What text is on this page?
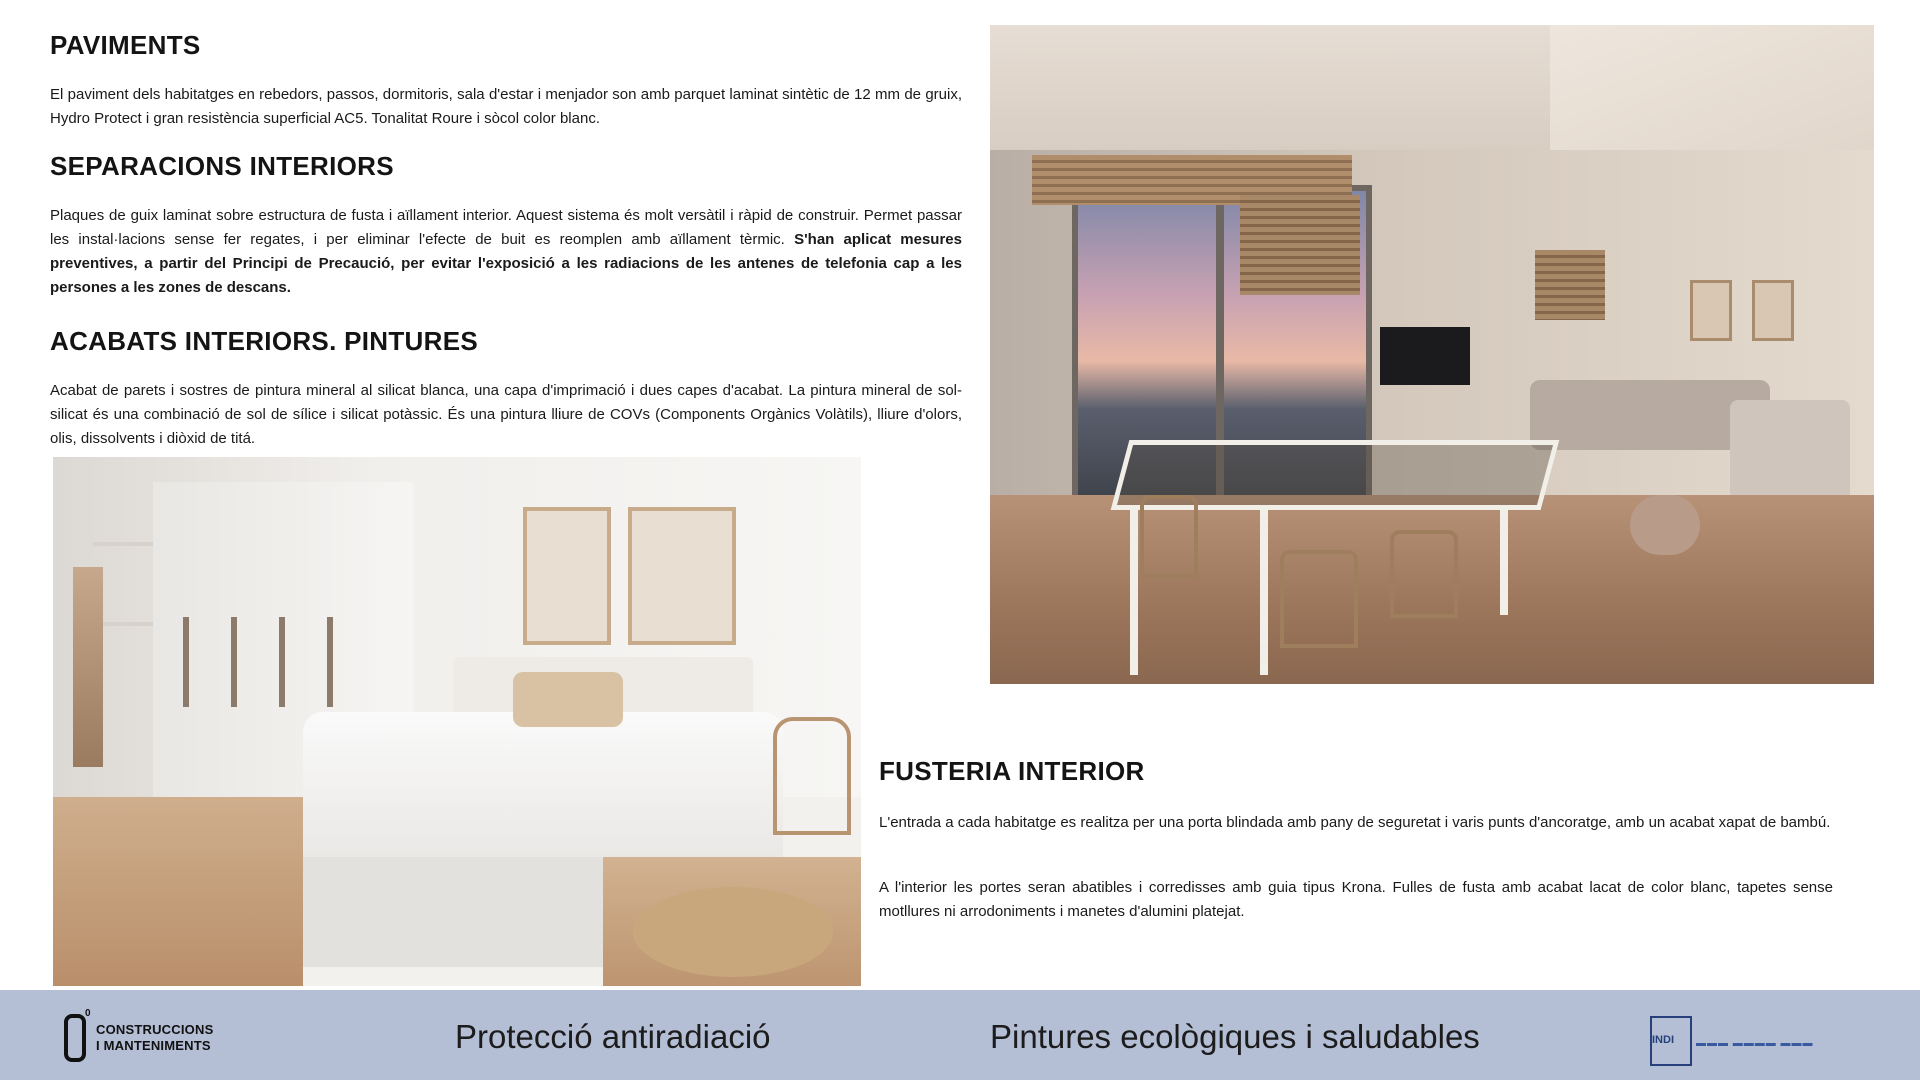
PAVIMENTS

El paviment dels habitatges en rebedors, passos, dormitoris, sala d'estar i menjador son amb parquet laminat sintètic de 12 mm de gruix, Hydro Protect i gran resistència superficial AC5. Tonalitat Roure i sòcol color blanc.

SEPARACIONS INTERIORS

Plaques de guix laminat sobre estructura de fusta i aïllament interior. Aquest sistema és molt versàtil i ràpid de construir. Permet passar les instal·lacions sense fer regates, i per eliminar l'efecte de buit es reomplen amb aïllament tèrmic. S'han aplicat mesures preventives, a partir del Principi de Precaució, per evitar l'exposició a les radiacions de les antenes de telefonia cap a les persones a les zones de descans.

ACABATS INTERIORS. PINTURES

Acabat de parets i sostres de pintura mineral al silicat blanca, una capa d'imprimació i dues capes d'acabat. La pintura mineral de sol-silicat és una combinació de sol de sílice i silicat potàssic. És una pintura lliure de COVs (Components Orgànics Volàtils), lliure d'olors, olis, dissolvents i diòxid de titá.

FUSTERIA INTERIOR

L'entrada a cada habitatge es realitza per una porta blindada amb pany de seguretat i varis punts d'ancoratge, amb un acabat xapat de bambú.

A l'interior les portes seran abatibles i corredisses amb guia tipus Krona. Fulles de fusta amb acabat lacat de color blanc, tapetes sense motllures ni arrodoniments i manetes d'alumini platejat.

0
CONSTRUCCIONS
I MANTENIMENTS	Protecció antiradiació	Pintures ecològiques i saludables	INDI ▬▬▬ ▬▬▬▬ ▬▬▬
